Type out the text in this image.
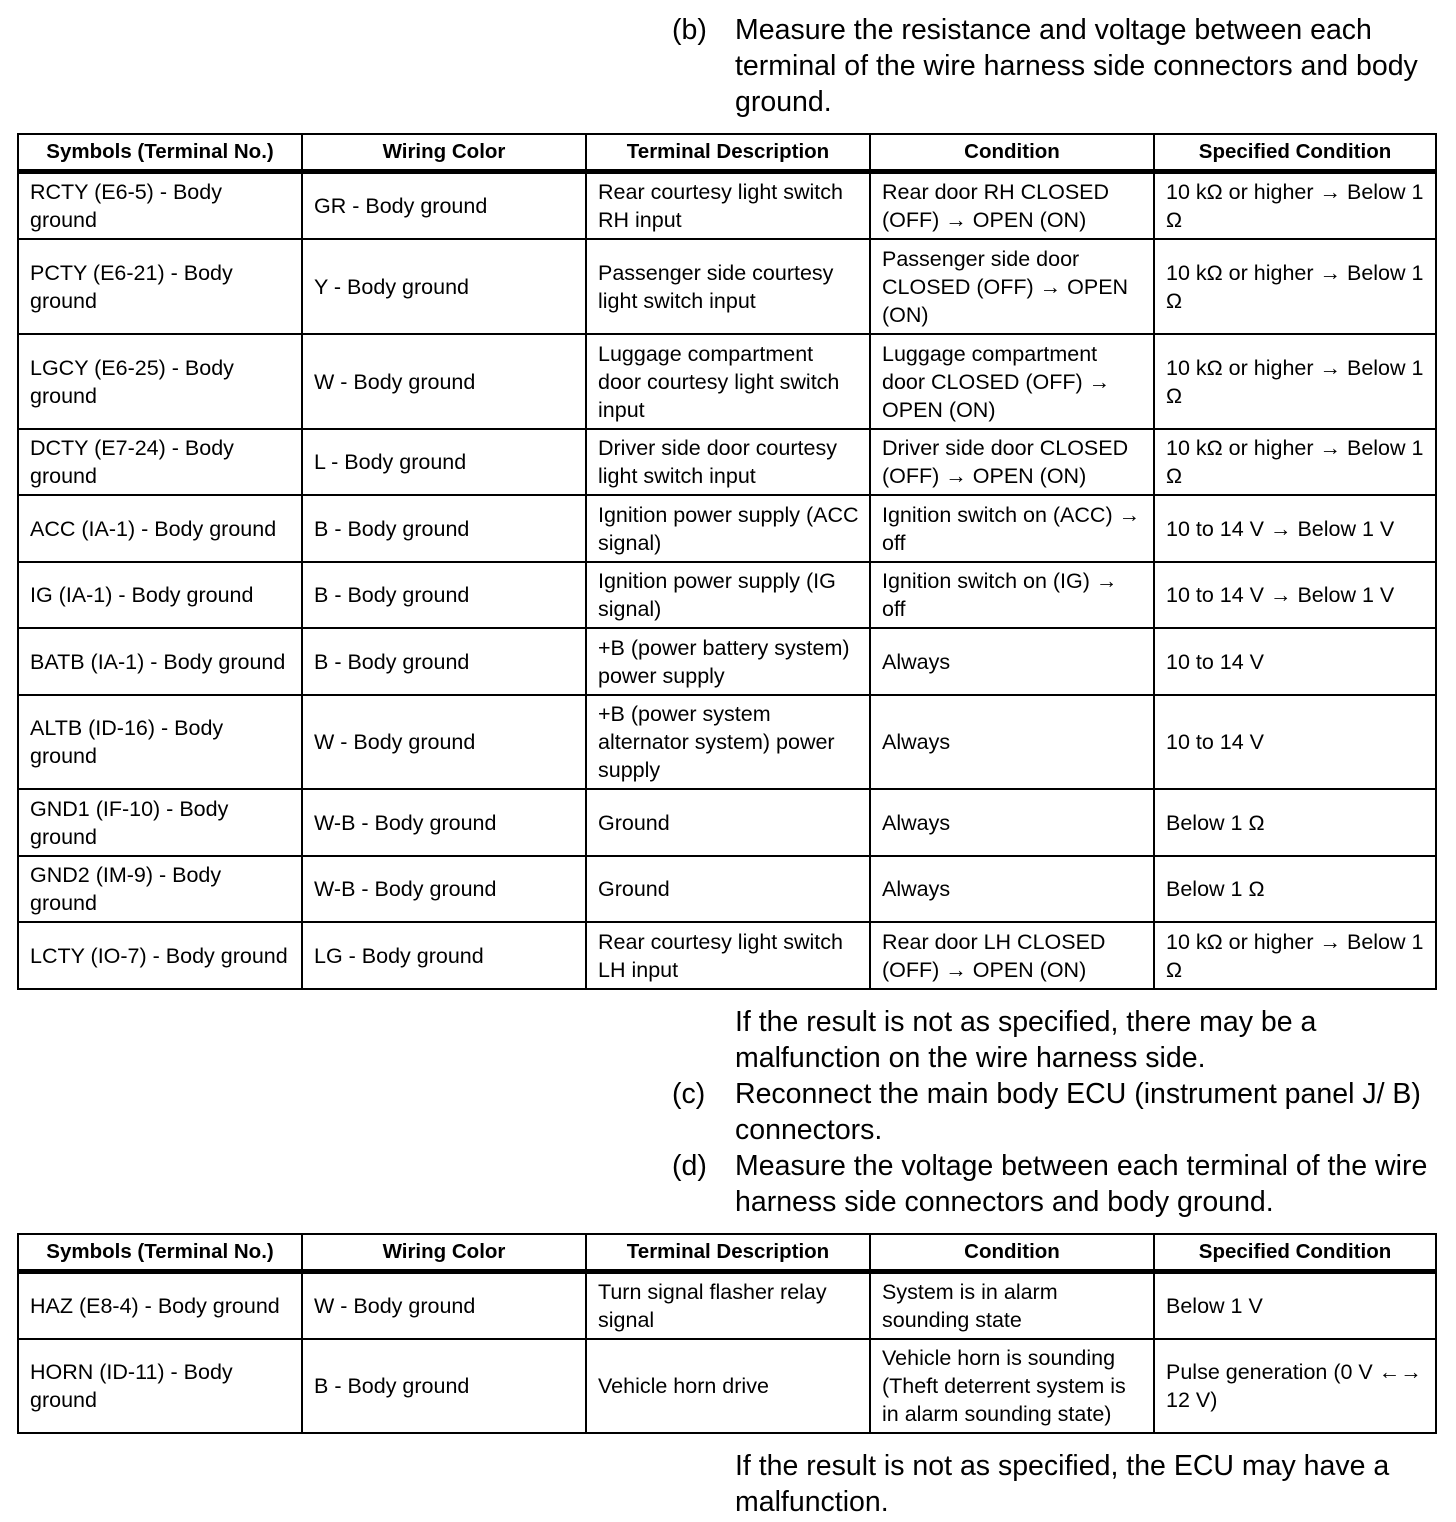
(b) Measure the resistance and voltage between each terminal of the wire harness side connectors and body ground.
Symbols (Terminal No.)	Wiring Color	Terminal Description	Condition	Specified Condition
RCTY (E6-5) - Body ground	GR - Body ground	Rear courtesy light switch RH input	Rear door RH CLOSED (OFF) → OPEN (ON)	10 kΩ or higher → Below 1 Ω
PCTY (E6-21) - Body ground	Y - Body ground	Passenger side courtesy light switch input	Passenger side door CLOSED (OFF) → OPEN (ON)	10 kΩ or higher → Below 1 Ω
LGCY (E6-25) - Body ground	W - Body ground	Luggage compartment door courtesy light switch input	Luggage compartment door CLOSED (OFF) → OPEN (ON)	10 kΩ or higher → Below 1 Ω
DCTY (E7-24) - Body ground	L - Body ground	Driver side door courtesy light switch input	Driver side door CLOSED (OFF) → OPEN (ON)	10 kΩ or higher → Below 1 Ω
ACC (IA-1) - Body ground	B - Body ground	Ignition power supply (ACC signal)	Ignition switch on (ACC) → off	10 to 14 V → Below 1 V
IG (IA-1) - Body ground	B - Body ground	Ignition power supply (IG signal)	Ignition switch on (IG) → off	10 to 14 V → Below 1 V
BATB (IA-1) - Body ground	B - Body ground	+B (power battery system) power supply	Always	10 to 14 V
ALTB (ID-16) - Body ground	W - Body ground	+B (power system alternator system) power supply	Always	10 to 14 V
GND1 (IF-10) - Body ground	W-B - Body ground	Ground	Always	Below 1 Ω
GND2 (IM-9) - Body ground	W-B - Body ground	Ground	Always	Below 1 Ω
LCTY (IO-7) - Body ground	LG - Body ground	Rear courtesy light switch LH input	Rear door LH CLOSED (OFF) → OPEN (ON)	10 kΩ or higher → Below 1 Ω
If the result is not as specified, there may be a malfunction on the wire harness side.
(c) Reconnect the main body ECU (instrument panel J/ B) connectors.
(d) Measure the voltage between each terminal of the wire harness side connectors and body ground.
Symbols (Terminal No.)	Wiring Color	Terminal Description	Condition	Specified Condition
HAZ (E8-4) - Body ground	W - Body ground	Turn signal flasher relay signal	System is in alarm sounding state	Below 1 V
HORN (ID-11) - Body ground	B - Body ground	Vehicle horn drive	Vehicle horn is sounding (Theft deterrent system is in alarm sounding state)	Pulse generation (0 V ←→ 12 V)
If the result is not as specified, the ECU may have a malfunction.
